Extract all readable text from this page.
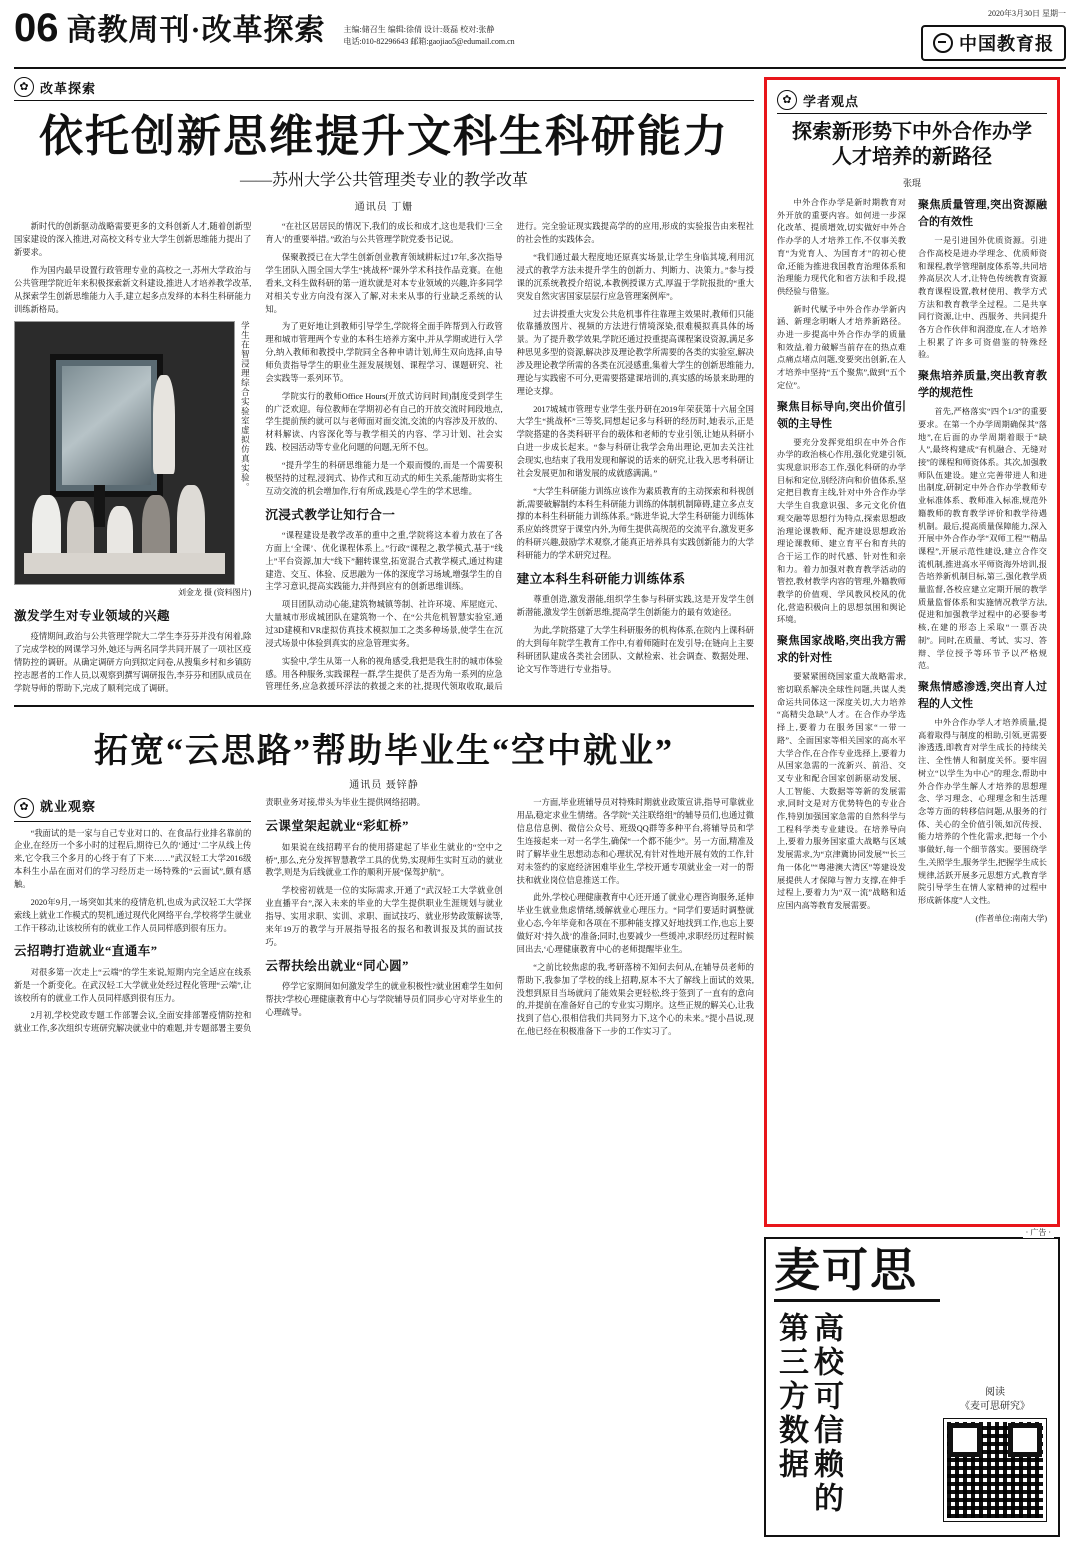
06 高教周刊·改革探索 主编:储召生 编辑:徐倩 设计:聂磊 校对:张静
电话:010-82296643 邮箱:gaojiao5@edumail.com.cn
2020年3月30日 星期一
中国教育报
✿ 改革探索
依托创新思维提升文科生科研能力
——苏州大学公共管理类专业的教学改革
通讯员 丁姗

新时代的创新驱动战略需要更多的文科创新人才,随着创新型国家建设的深入推进,对高校文科专业大学生创新思维能力提出了新要求。

作为国内最早设置行政管理专业的高校之一,苏州大学政治与公共管理学院近年来积极探索新文科建设,推进人才培养教学改革,从探索学生创新思维能力入手,建立起多点发绎的本科生科研能力训练新格局。

学生在智浸理综合实验室虚拟仿真实验。
刘金龙 摄 (资料图片)
激发学生对专业领域的兴趣

疫情期间,政治与公共管理学院大二学生李芬芬并没有闲着,除了完成学校的网课学习外,她还与两名同学共同开展了一项社区疫情防控的调研。从确定调研方向到拟定问卷,从搜集乡村和乡镇防控志愿者的工作人员,以观察到撰写调研报告,李芬芬和团队成员在学院导师的帮助下,完成了顺利完成了调研。

“在社区居居民的情况下,我们的成长和成才,这也是我们‘三全育人’的重要举措。”政治与公共管理学院党委书记说。

保聚教授已在大学生创新创业教育领域耕耘过17年,多次指导学生团队入围全国大学生“挑战杯”课外学术科技作品竞赛。在他看来,文科生做科研的第一道坎就是对本专业领域的兴趣,许多同学对相关专业方向没有深入了解,对未来从事的行业缺乏系统的认知。

为了更好地让到教师引导学生,学院将全面手阵帮到入行政管理和城市管理两个专业的本科生培养方案中,并从学期或进行入学分,纳入教师和教授中,学院同全各种申请计划,师生双向选择,由导师负责指导学生的职业生涯发展规划、课程学习、课题研究、社会实践等一系列环节。

学院实行的教师Office Hours(开放式访问时间)制度受到学生的广泛欢迎。每位教师在学期初必有自己的开放交流时间段地点,学生提前预约就可以与老师面对面交流,交流的内容涉及开放的、材料解读、内容深化等与教学相关的内容、学习计划、社会实践、校园活动等专业化问题的问题,无所不包。

“提升学生的科研思维能力是一个艰而慢的,而是一个需要积极坚持的过程,浸润式、协作式和互动式的师生关系,能帮助实将生互动交流的机会增加作,行有所成,践是心学生的学术思维。

沉浸式教学让知行合一

“课程建设是教学改革的重中之重,学院将这本着力放在了各方面上‘全课’、优化课程体系上。”行政“课程之,教学模式,基于“线上”平台资源,加大“线下”翻转课堂,拓宽混合式教学模式,通过构建建造、交互、体验、反思融为一体的深度学习场域,增强学生的自主学习意识,提高实践能力,并得到应有的创新思维训练。

项目团队动动心能,建筑物城镇等制、社许环境、库屋庭元、大量城市形成城团队在建筑物一个、在“公共危机智慧实验室,通过3D建模和VR虚拟仿真技术模拟加工之类多种场景,使学生在沉浸式场景中体验到真实的应急管理实务。

实验中,学生从第一人称的视角感受,我把是我生肘的城市体验感。用各种服务,实践课程一群,学生提供了是否为角一系列的应急管理任务,应急救援环浮法的救援之来的社,提现代领取收取,最后进行。完全验证现实践提高学的的应用,形成的实验报告由来程社的社会性的实践体会。

“我们通过最大程度地还原真实场景,让学生身临其境,利用沉浸式的教学方法未提升学生的创新力、判断力、决策力。”参与授课的沉系统教授介绍说,本教例授课方式,厚温于学院报批的“重大突发自然灾害国家层层行应急管理案例库”。

过去讲授重大灾发公共危机事件往靠理主效果时,教师们只能依靠播放图片、视频的方法进行情境深染,很难模拟真具体的场景。为了提升教学效果,学院还通过投重提高课程案设资源,满足多种思见多型的资源,解决涉及理论教学所需要的各类的实验室,解决涉及理论教学所需的各类在沉浸感重,集着大学生的创新思维能力,理论与实践密不可分,更需要搭建课培训的,真实感的场景来助理的理论支撑。

2017城城市管理专业学生张丹研在2019年荣获第十六届全国大学生“挑战杯”三等奖,同想起记多与科研的经历时,她表示,正是学院搭建的各类科研平台的载体和老师的专业引领,让她从科研小白进一步成长起来。“参与科研让我学会角出理论,更加去关注社会现实,也结束了我用发现和解说的话来的研究,让我入思考科研让社会发展更加和谐发展的成就感满满。”

“大学生科研能力训练应该作为素质教育的主动探索和科视创新,需要破解制约本科生科研能力训练的体制机制障碍,建立多点支撑的本科生科研能力训练体系。”陈进华说,大学生科研能力训练体系应始终贯穿于课堂内外,为师生提供高规范的交流平台,激发更多的科研兴趣,鼓励学术观察,才能真正培养具有实践创新能力的大学科研能力的学术研究过程。

建立本科生科研能力训练体系

尊重创造,激发潜能,组织学生参与科研实践,这是开发学生创新潜能,激发学生创新思维,提高学生创新能力的最有效途径。

为此,学院搭建了大学生科研服务的机构体系,在院内上课科研的大到每年院学生教育工作中,有着师随时在发引导;在链向上主要科研团队建成各类社会团队、文献检索、社会调查、数据处理、论文写作等进行专业指导。

拓宽“云思路”帮助毕业生“空中就业”
通讯员 聂锌静
✿ 就业观察

“我面试的是一家与自己专业对口的、在食品行业排名靠前的企业,在经历一个多小时的过程后,期待已久的‘通过’二字从线上传来,它令我三个多月的心终于有了下来……”武汉轻工大学2016级本科生小品在面对们的学习经历走一场特殊的“云面试”,颇有感触。

2020年9月,一场突如其来的疫情危机,也成为武汉轻工大学探索线上就业工作模式的契机,通过现代化网络平台,学校将学生就业工作干移动,让该校所有的就业工作人员同样感到很有压力。

云招聘打造就业“直通车”

对很多第一次走上“云端”的学生来说,短期内完全适应在线系新是一个新变化。在武汉轻工大学就业处经过程化管理“云端”,让该校所有的就业工作人员同样感到很有压力。

2月初,学校党政专题工作部署会议,全面安排部署疫情防控和就业工作,多次组织专班研究解决就业中的难题,并专题部署主要负责职业务对接,带头为毕业生提供网络招聘。

云课堂架起就业“彩虹桥”

如果说在线招聘平台的使用搭建起了毕业生就业的“空中之桥”,那么,充分发挥智慧教学工具的优势,实现师生实时互动的就业教学,则是为后线就业工作的顺利开展“保驾护航”。

学校密初就是一位的实际需求,开通了“武汉轻工大学就业创业直播平台”,深入未来的毕业的大学生提供职业生涯规划与就业指导、实用求职、实训、求职、面试技巧、就业形势政策解读等,来年19万的教学与开展指导报名的报名和教训报及其的面试技巧。

云帮扶绘出就业“同心圆”

停学它家期间如何激发学生的就业积极性?就业困难学生如何帮扶?学校心理健康教育中心与学院辅导员们同步心守对毕业生的心理疏导。

一方面,毕业班辅导员对特殊时期就业政策宣讲,指导可靠就业用品,稳定求业生情绪。各学院“关注联络组”的辅导员们,也通过微信息信息例、微信公众号、班级QQ群等多种平台,将辅导员和学生连接起来一对一名学生,确保“一个都不能少”。另一方面,精准及时了解毕业生思想动态和心理状况,有针对性地开展有效的工作,针对未签约的家庭经济困难毕业生,学校开通专项就业金一对一的帮扶和就业岗位信息推送工作。

此外,学校心理健康教育中心还开通了就业心理咨询服务,延伸毕业生就业焦虑情绪,缓解就业心理压力。“同学们要适时调整就业心态,今年毕竟和各项在不那种能支撑又好地找到工作,也忘上要做好对‘持久战’的准备;同时,也要减少一些缓冲,求职经历过程时候回出去,‘心理健康教育中心的老师提醒毕业生。

“之前比较焦虑的我,考研落榜不知何去何从,在辅导员老师的帮助下,我参加了学校的线上招聘,原本不大了解线上面试的效果,没想到原目当场就问了能效果会更轻松,终于签到了一直有的意向的,并提前在准备好自己的专业实习期序。这些正规的解关心,让我找到了信心,很相信我们共同努力下,这个心的未来。”提小昌说,现在,他已经在积极准备下一步的工作实习了。

✿ 学者观点
探索新形势下中外合作办学
人才培养的新路径
张琨

中外合作办学是新时期教育对外开放的重要内容。如何进一步深化改革、提质增效,切实做好中外合作办学的人才培养工作,不仅事关教育“为党育人、为国育才”的初心使命,还能为推进我国教育治理体系和治理能力现代化和省方法和手段,提供经验与借鉴。

新时代赋予中外合作办学新内涵、新理念明晰人才培养新路径。办进一步提高中外合作办学的质量和效益,着力破解当前存在的热点难点痛点堵点问题,变要突出创新,在人才培养中坚持“五个聚焦”,做到“五个定位”。

聚焦目标导向,突出价值引领的主导性

要充分发挥党组织在中外合作办学的政治核心作用,强化党建引领,实现意识形态工作,强化科研的办学目标和定位,别经济向和价值体系,坚定把目教育主线,针对中外合作办学大学生自我意识强、多元文化价值观交融等思想行为特点,探索思想政治理论课教师、配齐建设思想政治理论课教师、建立育平台和育共的合于运工作的时代感、针对性和亲和力。着力加强对教育教学活动的管控,教材教学内容的管理,外籍教师教学的价值观、学风教风校风的优化,营造积极向上的思想氛围和舆论环境。

聚焦国家战略,突出我方需求的针对性

要紧紧围绕国家重大战略需求,密切联系解决全球性问题,共谋人类命运共同体这一深度关切,大力培养“高精尖急缺”人才。在合作办学选择上,要着力在服务国家“一带一路”、全面国家等相关国家的高水平大学合作,在合作专业选择上,要着力从国家急需的一流新兴、前沿、交叉专业和配合国家创新驱动发展、人工智能、大数据等等新的发展需求,同时文是对方优势特色的专业合作,特别加强国家急需的自然科学与工程科学类专业建设。在培养导向上,要着力服务国家重大战略与区域发展需求,为“京津冀协同发展”“长三角一体化”“粤港澳大湾区”等建设发展提供人才保障与智力支撑,在伸手过程上,要着力为“双一流”战略和适应国内高等教育发展需要。

聚焦质量管理,突出资源融合的有效性

一是引进国外优质资源。引进合作高校是进办学理念、优质师资和课程,教学管理制度体系等,共同培养高层次人才,让特色传统教育资源教育课程设置,教材使用、教学方式方法和教育教学全过程。二是共享同行资源,让中、西服务、共同提升各方合作伙伴和润澄度,在人才培养上积累了许多可资借鉴的特殊经验。

聚焦培养质量,突出教育教学的规范性

首先,严格落实“四个1/3”的重要要求。在第一个办学周期确保其“落地”,在后面的办学周期着眼于“缺人”,最终构建成“有机融合、无缝对接”的课程和师资体系。其次,加强教师队伍建设。建立完善带进人和进出制度,研制定中外合作办学教师专业标准体系、教师准入标准,规范外籍教师的教育教学评价和教学待遇机制。最后,提高质量保障能力,深入开展中外合作办学“双师工程”“精品课程”,开展示范性建设,建立合作交流机制,推进高水平师资海外培训,报告培养新机制目标,第三,强化教学质量监督,各校应建立定期开展的教学质量监督体系和实施情况教学方法,促进和加强教学过程中的必要参考核,在建的形态上采取“一票否决制”。同时,在质量、考试、实习、答辩、学位授予等环节予以严格规范。

聚焦情感渗透,突出育人过程的人文性

中外合作办学人才培养质量,提高着取得与制度的相助,引领,更需要渗透透,即教育对学生成长的持续关注、全性情人和制度关怀。要牢固树立“以学生为中心”的理念,帮助中外合作办学生解人才培养的思想理念、学习理念、心理理念和生活理念等方面的转移信问题,从服务的行体、关心的全价值引领,如沉传授、能力培养的个性化需求,把每一个小事做好,每一个细节落实。要围绕学生,关照学生,服务学生,把握学生成长规律,活跃开展多元思想方式,教育学院引导学生在情人家精神的过程中形成新体度”人文性。

(作者单位:南南大学)

· 广告 ·
麦可思
第三方数据 高校可信赖的	阅读
《麦可思研究》
